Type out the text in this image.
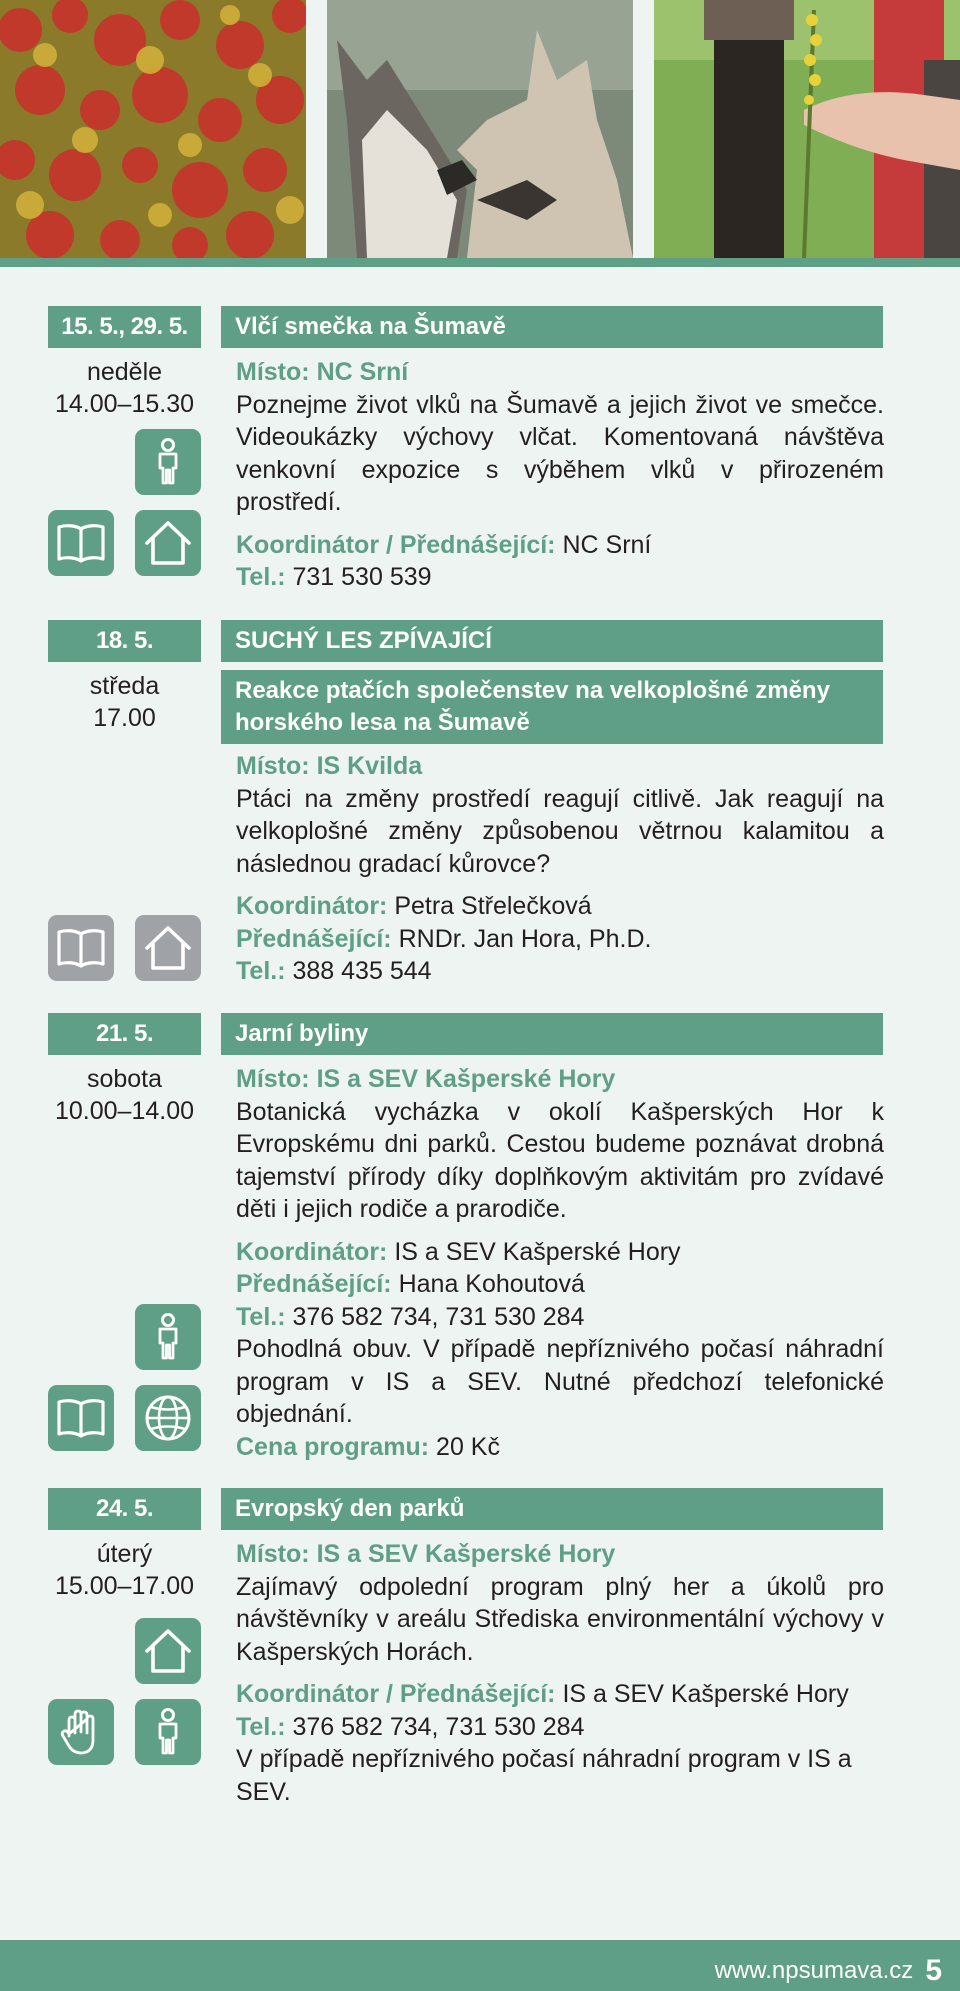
15. 5., 29. 5.
neděle
14.00–15.30
Vlčí smečka na Šumavě

Místo: NC Srní

Poznejme život vlků na Šumavě a jejich život ve smečce. Videoukázky výchovy vlčat. Komentovaná návštěva venkovní expozice s výběhem vlků v přirozeném prostředí.

Koordinátor / Přednášející: NC Srní

Tel.: 731 530 539

18. 5.
středa
17.00
SUCHÝ LES ZPÍVAJÍCÍ
Reakce ptačích společenstev na velkoplošné změny horského lesa na Šumavě

Místo: IS Kvilda

Ptáci na změny prostředí reagují citlivě. Jak reagují na velkoplošné změny způsobenou větrnou kalamitou a následnou gradací kůrovce?

Koordinátor: Petra Střelečková

Přednášející: RNDr. Jan Hora, Ph.D.

Tel.: 388 435 544

21. 5.
sobota
10.00–14.00
Jarní byliny

Místo: IS a SEV Kašperské Hory

Botanická vycházka v okolí Kašperských Hor k Evropskému dni parků. Cestou budeme poznávat drobná tajemství přírody díky doplňkovým aktivitám pro zvídavé děti i jejich rodiče a prarodiče.

Koordinátor: IS a SEV Kašperské Hory

Přednášející: Hana Kohoutová

Tel.: 376 582 734, 731 530 284

Pohodlná obuv. V případě nepříznivého počasí náhradní program v IS a SEV. Nutné předchozí telefonické objednání.

Cena programu: 20 Kč

24. 5.
úterý
15.00–17.00
Evropský den parků

Místo: IS a SEV Kašperské Hory

Zajímavý odpolední program plný her a úkolů pro návštěvníky v areálu Střediska environmentální výchovy v Kašperských Horách.

Koordinátor / Přednášející: IS a SEV Kašperské Hory

Tel.: 376 582 734, 731 530 284

V případě nepříznivého počasí náhradní program v IS a SEV.

www.npsumava.cz 5
